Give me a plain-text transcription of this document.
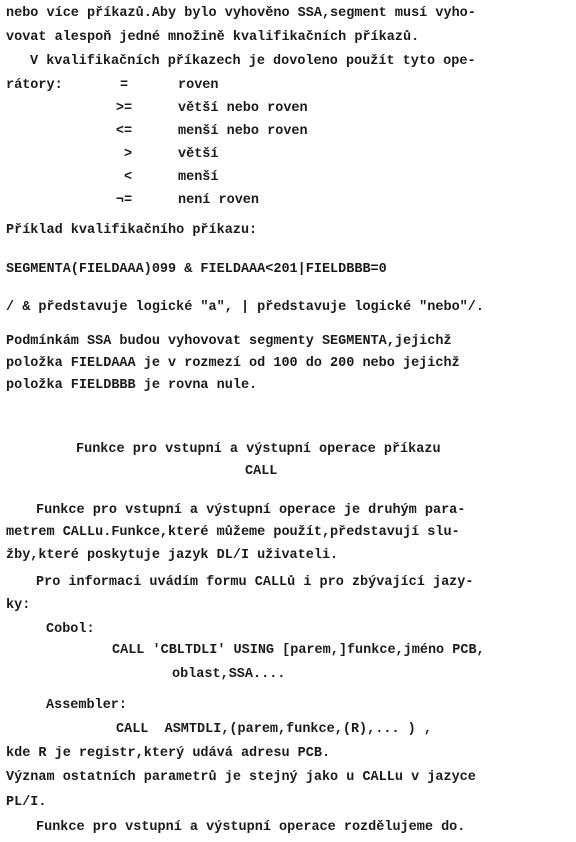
nebo více příkazů.Aby bylo vyhověno SSA,segment musí vyho-
vovat alespoň jedné množině kvalifikačních příkazů.
V kvalifikačních příkazech je dovoleno použít tyto ope-
rátory:	=	roven
>=	větší nebo roven
<=	menší nebo roven
>	větší
<	menší
¬=	není roven
Příklad kvalifikačního příkazu:
SEGMENTA(FIELDAAA)099 & FIELDAAA<201|FIELDBBB=0
/ & představuje logické "a", | představuje logické "nebo"/.
Podmínkám SSA budou vyhovovat segmenty SEGMENTA,jejichž
položka FIELDAAA je v rozmezí od 100 do 200 nebo jejichž
položka FIELDBBB je rovna nule.
Funkce pro vstupní a výstupní operace příkazu
CALL
Funkce pro vstupní a výstupní operace je druhým para-
metrem CALLu.Funkce,které můžeme použít,představují slu-
žby,které poskytuje jazyk DL/I uživateli.
Pro informaci uvádím formu CALLů i pro zbývající jazy-
ky:
Cobol:
CALL 'CBLTDLI' USING [parem,]funkce,jméno PCB,
oblast,SSA....
Assembler:
CALL  ASMTDLI,(parem,funkce,(R),... ) ,
kde R je registr,který udává adresu PCB.
Význam ostatních parametrů je stejný jako u CALLu v jazyce
PL/I.
Funkce pro vstupní a výstupní operace rozdělujeme do.
